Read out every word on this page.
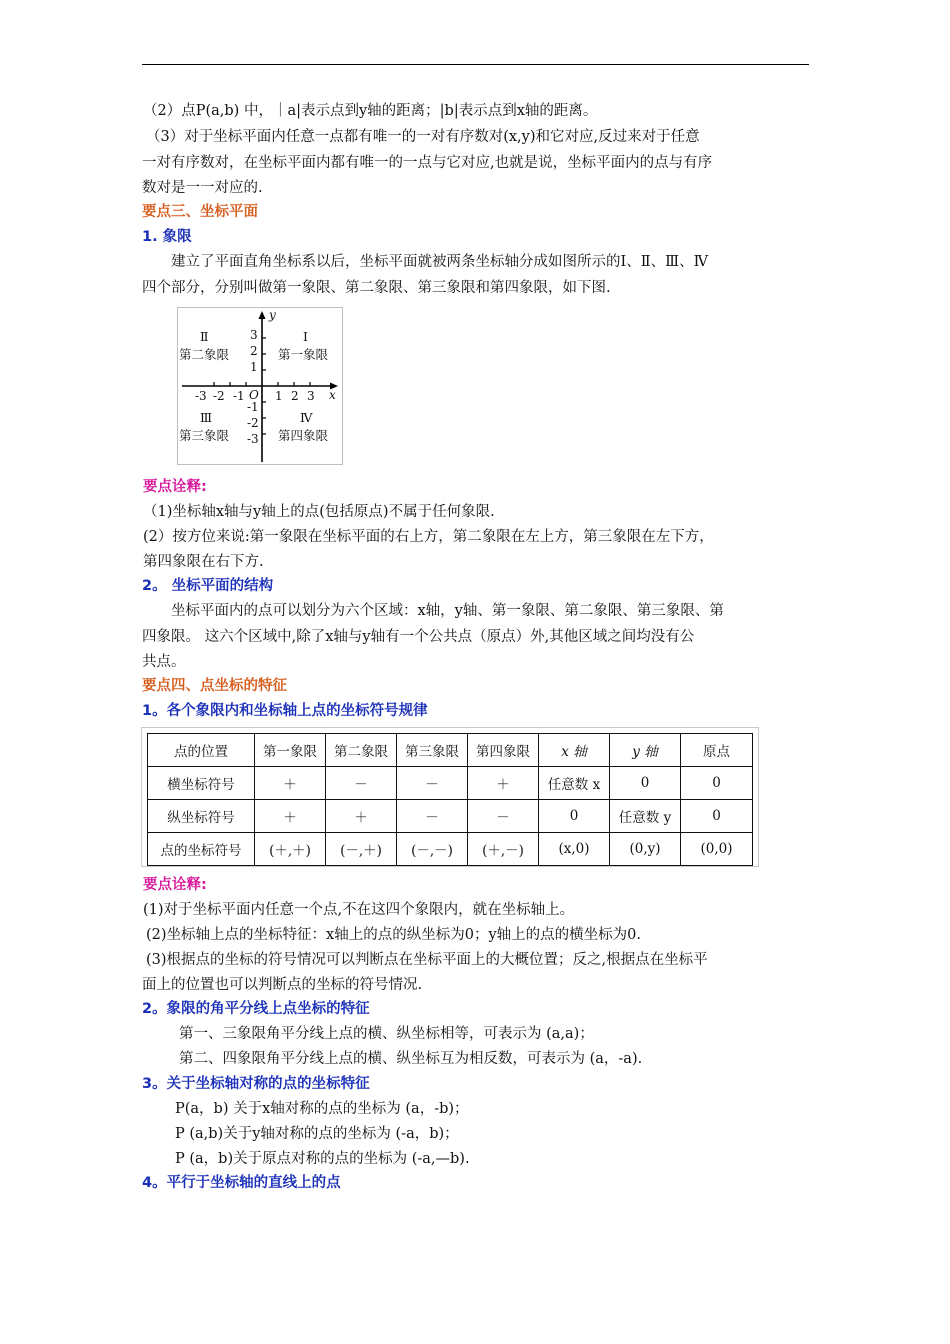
（2）点P(a,b) 中，｜a|表示点到y轴的距离；|b|表示点到x轴的距离。
（3）对于坐标平面内任意一点都有唯一的一对有序数对(x,y)和它对应,反过来对于任意
一对有序数对，在坐标平面内都有唯一的一点与它对应,也就是说，坐标平面内的点与有序
数对是一一对应的.
要点三、坐标平面
1. 象限
建立了平面直角坐标系以后，坐标平面就被两条坐标轴分成如图所示的Ⅰ、Ⅱ、Ⅲ、Ⅳ
四个部分，分别叫做第一象限、第二象限、第三象限和第四象限，如下图.
Ⅱ
第二象限
Ⅰ
第一象限
Ⅲ
第三象限
Ⅳ
第四象限
y
x
O
3
2
1
-1
-2
-3
-3 -2 -1	1 2 3
要点诠释:
（1)坐标轴x轴与y轴上的点(包括原点)不属于任何象限.
(2）按方位来说:第一象限在坐标平面的右上方，第二象限在左上方，第三象限在左下方，
第四象限在右下方.
2。 坐标平面的结构
坐标平面内的点可以划分为六个区域：x轴，y轴、第一象限、第二象限、第三象限、第
四象限。 这六个区域中,除了x轴与y轴有一个公共点（原点）外,其他区域之间均没有公
共点。
要点四、点坐标的特征
1。各个象限内和坐标轴上点的坐标符号规律
点的位置	第一象限	第二象限	第三象限	第四象限	x 轴	y 轴	原点
横坐标符号	＋	－	－	＋	任意数 x	0	0
纵坐标符号	＋	＋	－	－	0	任意数 y	0
点的坐标符号	(＋,＋)	(－,＋)	(－,－)	(＋,－)	(x,0)	(0,y)	(0,0)
要点诠释:
(1)对于坐标平面内任意一个点,不在这四个象限内，就在坐标轴上。
(2)坐标轴上点的坐标特征：x轴上的点的纵坐标为0；y轴上的点的横坐标为0.
(3)根据点的坐标的符号情况可以判断点在坐标平面上的大概位置；反之,根据点在坐标平
面上的位置也可以判断点的坐标的符号情况.
2。象限的角平分线上点坐标的特征
第一、三象限角平分线上点的横、纵坐标相等，可表示为 (a,a)；
第二、四象限角平分线上点的横、纵坐标互为相反数，可表示为 (a，-a).
3。关于坐标轴对称的点的坐标特征
P(a，b) 关于x轴对称的点的坐标为 (a，-b)；
P (a,b)关于y轴对称的点的坐标为 (-a，b)；
P (a，b)关于原点对称的点的坐标为 (-a,—b).
4。平行于坐标轴的直线上的点
